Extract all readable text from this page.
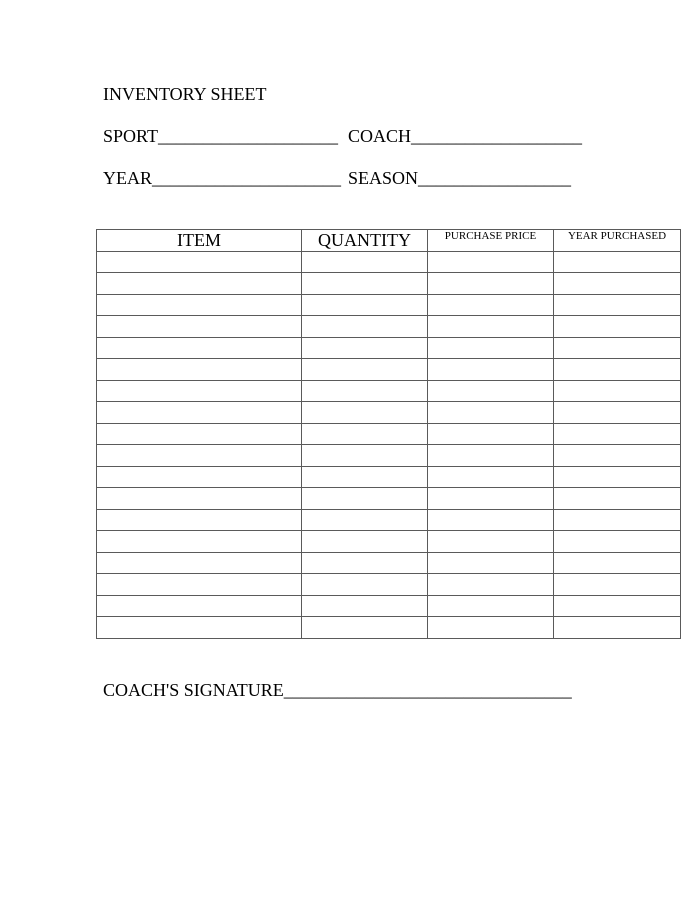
INVENTORY SHEET

SPORT____________________

COACH___________________

YEAR_____________________

SEASON_________________

ITEM	QUANTITY	PURCHASE PRICE	YEAR PURCHASED

COACH'S SIGNATURE________________________________
